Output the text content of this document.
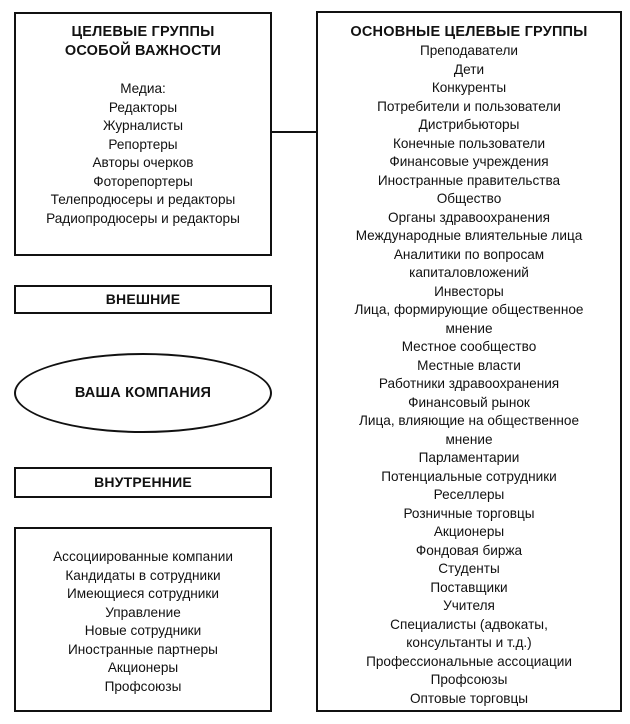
ЦЕЛЕВЫЕ ГРУППЫ
ОСОБОЙ ВАЖНОСТИ
Медиа:
Редакторы
Журналисты
Репортеры
Авторы очерков
Фоторепортеры
Телепродюсеры и редакторы
Радиопродюсеры и редакторы
ВНЕШНИЕ
ВАША КОМПАНИЯ
ВНУТРЕННИЕ
Ассоциированные компании
Кандидаты в сотрудники
Имеющиеся сотрудники
Управление
Новые сотрудники
Иностранные партнеры
Акционеры
Профсоюзы
ОСНОВНЫЕ ЦЕЛЕВЫЕ ГРУППЫ
Преподаватели
Дети
Конкуренты
Потребители и пользователи
Дистрибьюторы
Конечные пользователи
Финансовые учреждения
Иностранные правительства
Общество
Органы здравоохранения
Международные влиятельные лица
Аналитики по вопросам
капиталовложений
Инвесторы
Лица, формирующие общественное
мнение
Местное сообщество
Местные власти
Работники здравоохранения
Финансовый рынок
Лица, влияющие на общественное
мнение
Парламентарии
Потенциальные сотрудники
Реселлеры
Розничные торговцы
Акционеры
Фондовая биржа
Студенты
Поставщики
Учителя
Специалисты (адвокаты,
консультанты и т.д.)
Профессиональные ассоциации
Профсоюзы
Оптовые торговцы
